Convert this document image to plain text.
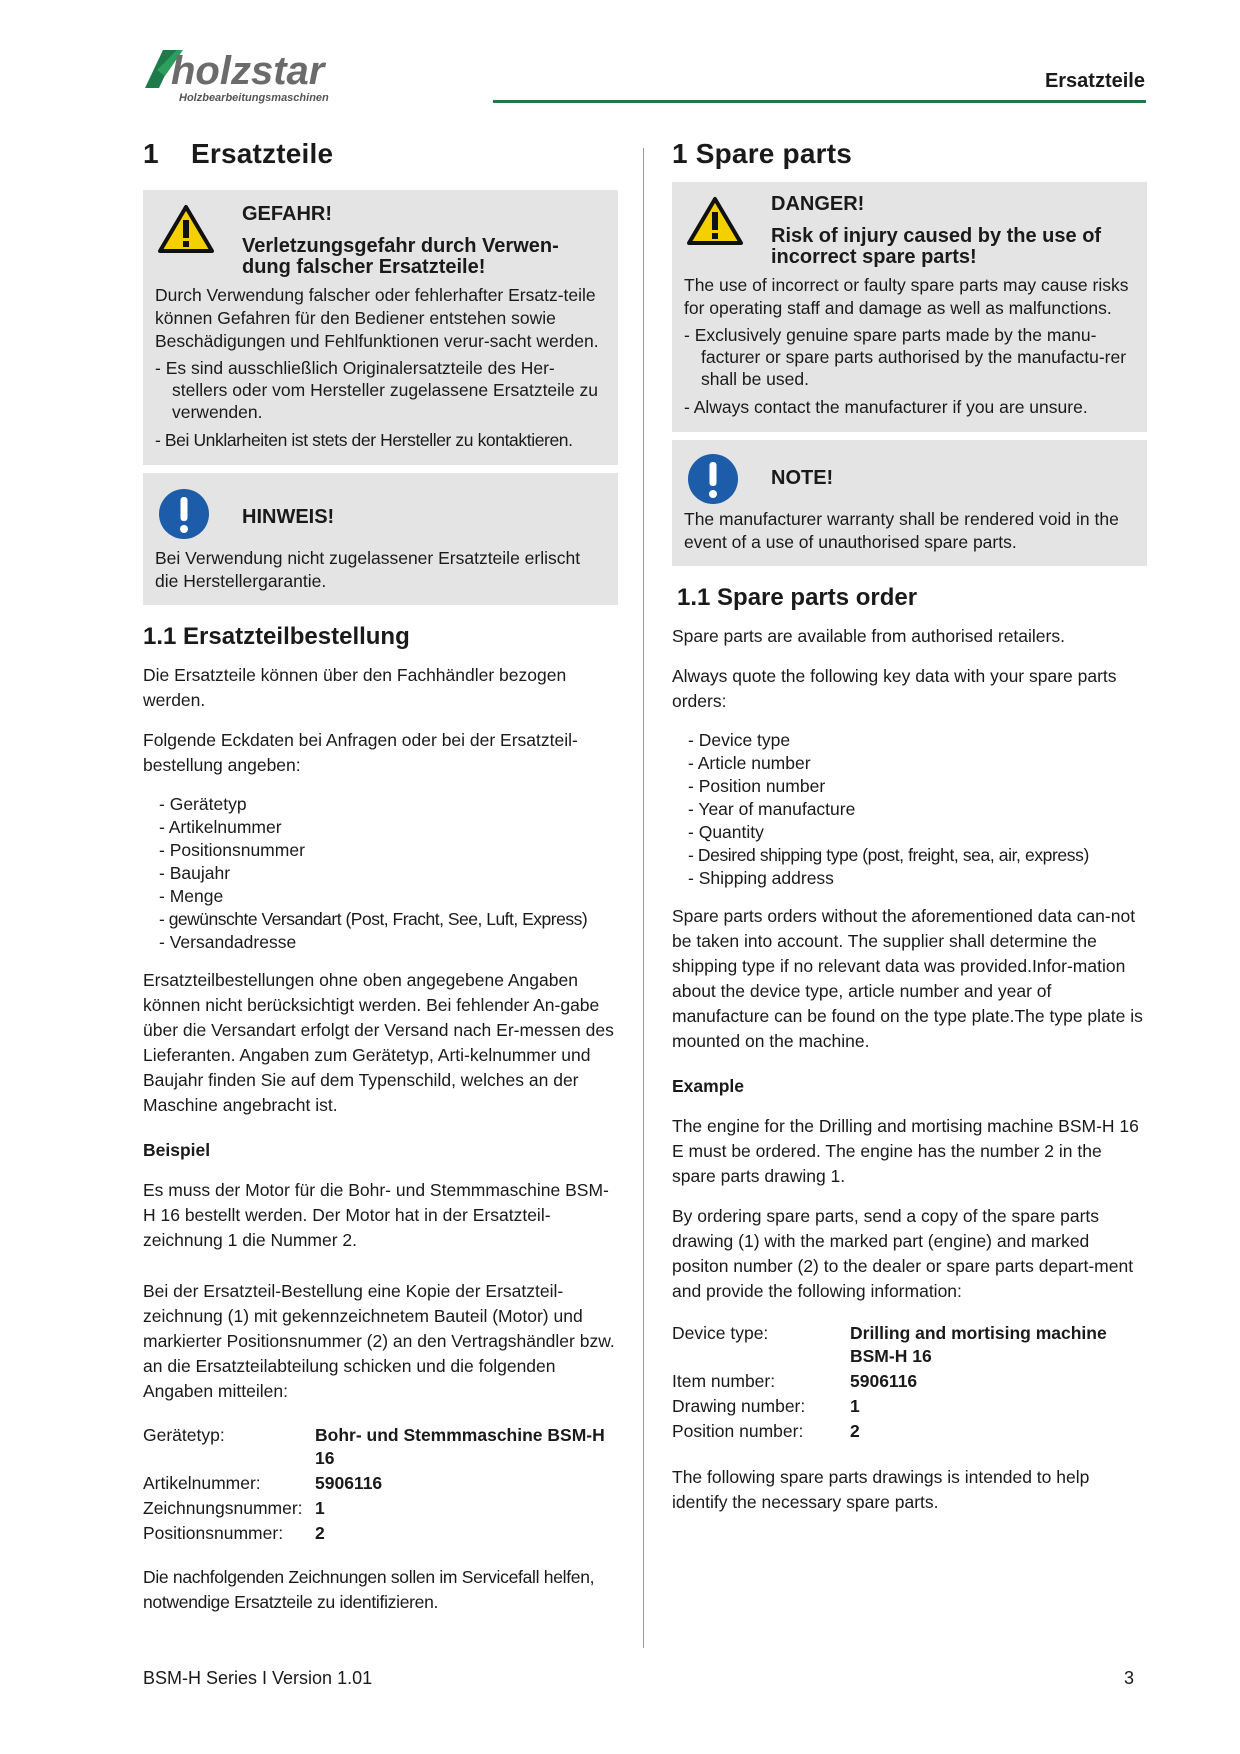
holzstar
Holzbearbeitungsmaschinen
Ersatzteile
1 Ersatzteile
GEFAHR!
Verletzungsgefahr durch Verwen-dung falscher Ersatzteile!
Durch Verwendung falscher oder fehlerhafter Ersatz-teile können Gefahren für den Bediener entstehen sowie Beschädigungen und Fehlfunktionen verur-sacht werden.
- Es sind ausschließlich Originalersatzteile des Her-stellers oder vom Hersteller zugelassene Ersatzteile zu verwenden.
- Bei Unklarheiten ist stets der Hersteller zu kontaktieren.
HINWEIS!
Bei Verwendung nicht zugelassener Ersatzteile erlischt die Herstellergarantie.
1.1 Ersatzteilbestellung

Die Ersatzteile können über den Fachhändler bezogen werden.

Folgende Eckdaten bei Anfragen oder bei der Ersatzteil-bestellung angeben:

- Gerätetyp
- Artikelnummer
- Positionsnummer
- Baujahr
- Menge
- gewünschte Versandart (Post, Fracht, See, Luft, Express)
- Versandadresse

Ersatzteilbestellungen ohne oben angegebene Angaben können nicht berücksichtigt werden. Bei fehlender An-gabe über die Versandart erfolgt der Versand nach Er-messen des Lieferanten. Angaben zum Gerätetyp, Arti-kelnummer und Baujahr finden Sie auf dem Typenschild, welches an der Maschine angebracht ist.

Beispiel

Es muss der Motor für die Bohr- und Stemmmaschine BSM-H 16 bestellt werden. Der Motor hat in der Ersatzteil-zeichnung 1 die Nummer 2.

Bei der Ersatzteil-Bestellung eine Kopie der Ersatzteil-zeichnung (1) mit gekennzeichnetem Bauteil (Motor) und markierter Positionsnummer (2) an den Vertragshändler bzw. an die Ersatzteilabteilung schicken und die folgenden Angaben mitteilen:

Gerätetyp:	Bohr- und Stemmmaschine BSM-H 16
Artikelnummer:	5906116
Zeichnungsnummer: 1
Positionsnummer:	2

Die nachfolgenden Zeichnungen sollen im Servicefall helfen, notwendige Ersatzteile zu identifizieren.

1 Spare parts
DANGER!
Risk of injury caused by the use of incorrect spare parts!
The use of incorrect or faulty spare parts may cause risks for operating staff and damage as well as malfunctions.
- Exclusively genuine spare parts made by the manu-facturer or spare parts authorised by the manufactu-rer shall be used.
- Always contact the manufacturer if you are unsure.
NOTE!
The manufacturer warranty shall be rendered void in the event of a use of unauthorised spare parts.
1.1 Spare parts order

Spare parts are available from authorised retailers.

Always quote the following key data with your spare parts orders:

- Device type
- Article number
- Position number
- Year of manufacture
- Quantity
- Desired shipping type (post, freight, sea, air, express)
- Shipping address

Spare parts orders without the aforementioned data can-not be taken into account. The supplier shall determine the shipping type if no relevant data was provided.Infor-mation about the device type, article number and year of manufacture can be found on the type plate.The type plate is mounted on the machine.

Example

The engine for the Drilling and mortising machine BSM-H 16 E must be ordered. The engine has the number 2 in the spare parts drawing 1.

By ordering spare parts, send a copy of the spare parts drawing (1) with the marked part (engine) and marked positon number (2) to the dealer or spare parts depart-ment and provide the following information:

Device type:	Drilling and mortising machine BSM-H 16
Item number:	5906116
Drawing number:	1
Position number:	2

The following spare parts drawings is intended to help identify the necessary spare parts.

BSM-H Series I Version 1.01	3
